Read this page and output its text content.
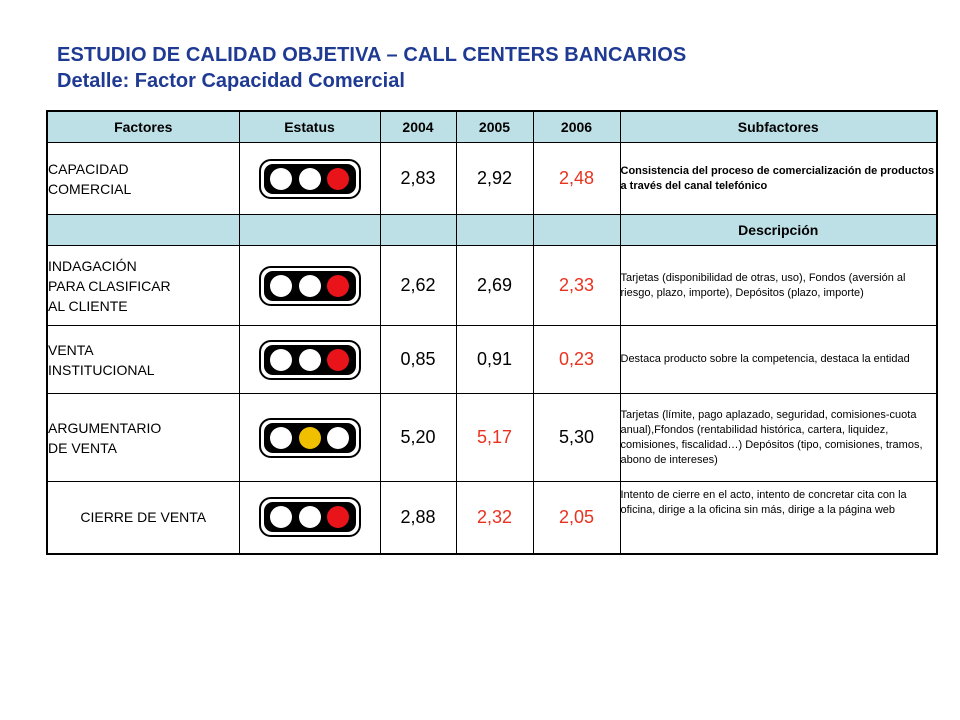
ESTUDIO DE CALIDAD OBJETIVA – CALL CENTERS BANCARIOS
Detalle: Factor Capacidad Comercial
Factores	Estatus	2004	2005	2006	Subfactores

CAPACIDAD
COMERCIAL		2,83	2,92	2,48	Consistencia del proceso de comercialización de productos a través del canal telefónico
					Descripción

INDAGACIÓN
PARA CLASIFICAR
AL CLIENTE		2,62	2,69	2,33	Tarjetas (disponibilidad de otras, uso), Fondos (aversión al riesgo, plazo, importe), Depósitos (plazo, importe)

VENTA
INSTITUCIONAL		0,85	0,91	0,23	Destaca producto sobre la competencia, destaca la entidad

ARGUMENTARIO
DE VENTA		5,20	5,17	5,30	Tarjetas (límite, pago aplazado, seguridad, comisiones-cuota anual),Ffondos (rentabilidad histórica, cartera, liquidez, comisiones, fiscalidad…) Depósitos (tipo, comisiones, tramos, abono de intereses)

CIERRE DE VENTA		2,88	2,32	2,05	Intento de cierre en el acto, intento de concretar cita con la oficina, dirige a la oficina sin más, dirige a la página web
